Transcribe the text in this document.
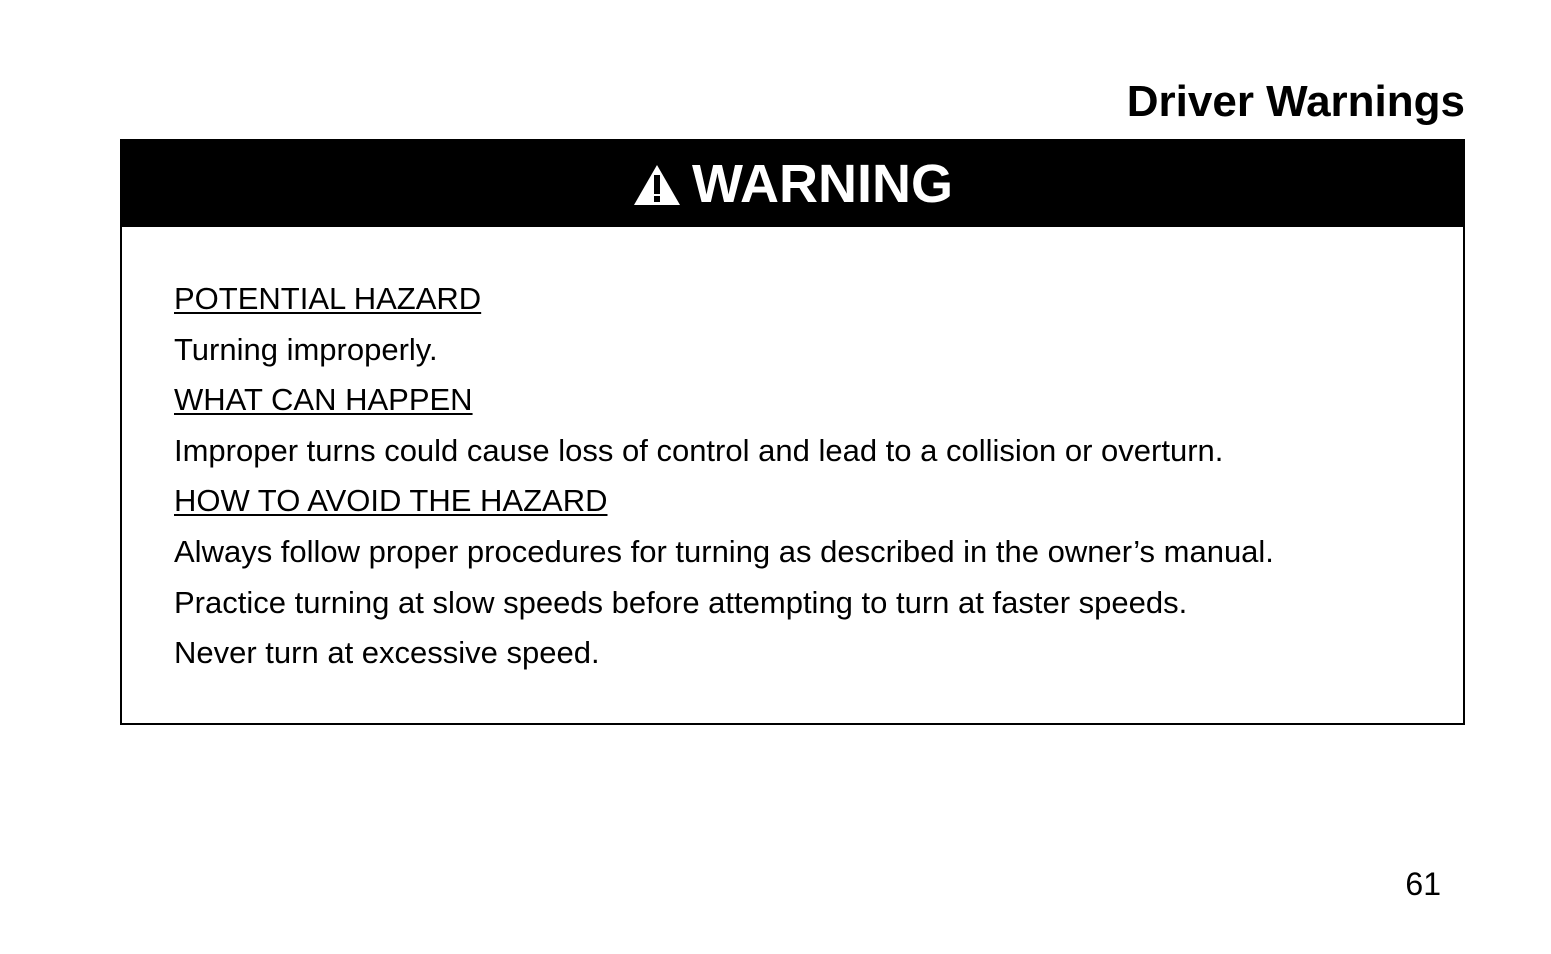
Driver Warnings
WARNING
POTENTIAL HAZARD
Turning improperly.
WHAT CAN HAPPEN
Improper turns could cause loss of control and lead to a collision or overturn.
HOW TO AVOID THE HAZARD
Always follow proper procedures for turning as described in the owner’s manual.
Practice turning at slow speeds before attempting to turn at faster speeds.
Never turn at excessive speed.
61
